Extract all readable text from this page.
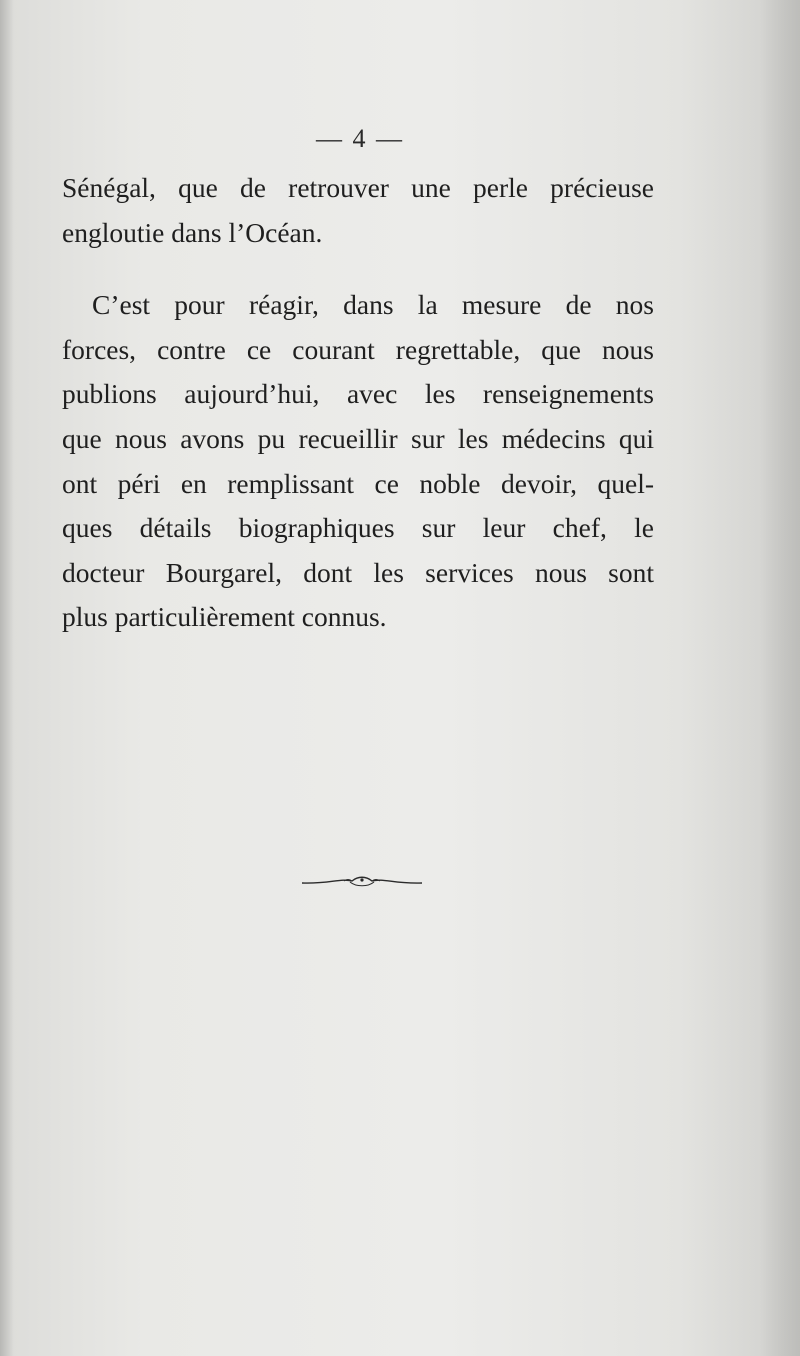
— 4 —

Sénégal, que de retrouver une perle précieuse

engloutie dans l’Océan.

C’est pour réagir, dans la mesure de nos

forces, contre ce courant regrettable, que nous

publions aujourd’hui, avec les renseignements

que nous avons pu recueillir sur les médecins qui

ont péri en remplissant ce noble devoir, quel-

ques détails biographiques sur leur chef, le

docteur Bourgarel, dont les services nous sont

plus particulièrement connus.
